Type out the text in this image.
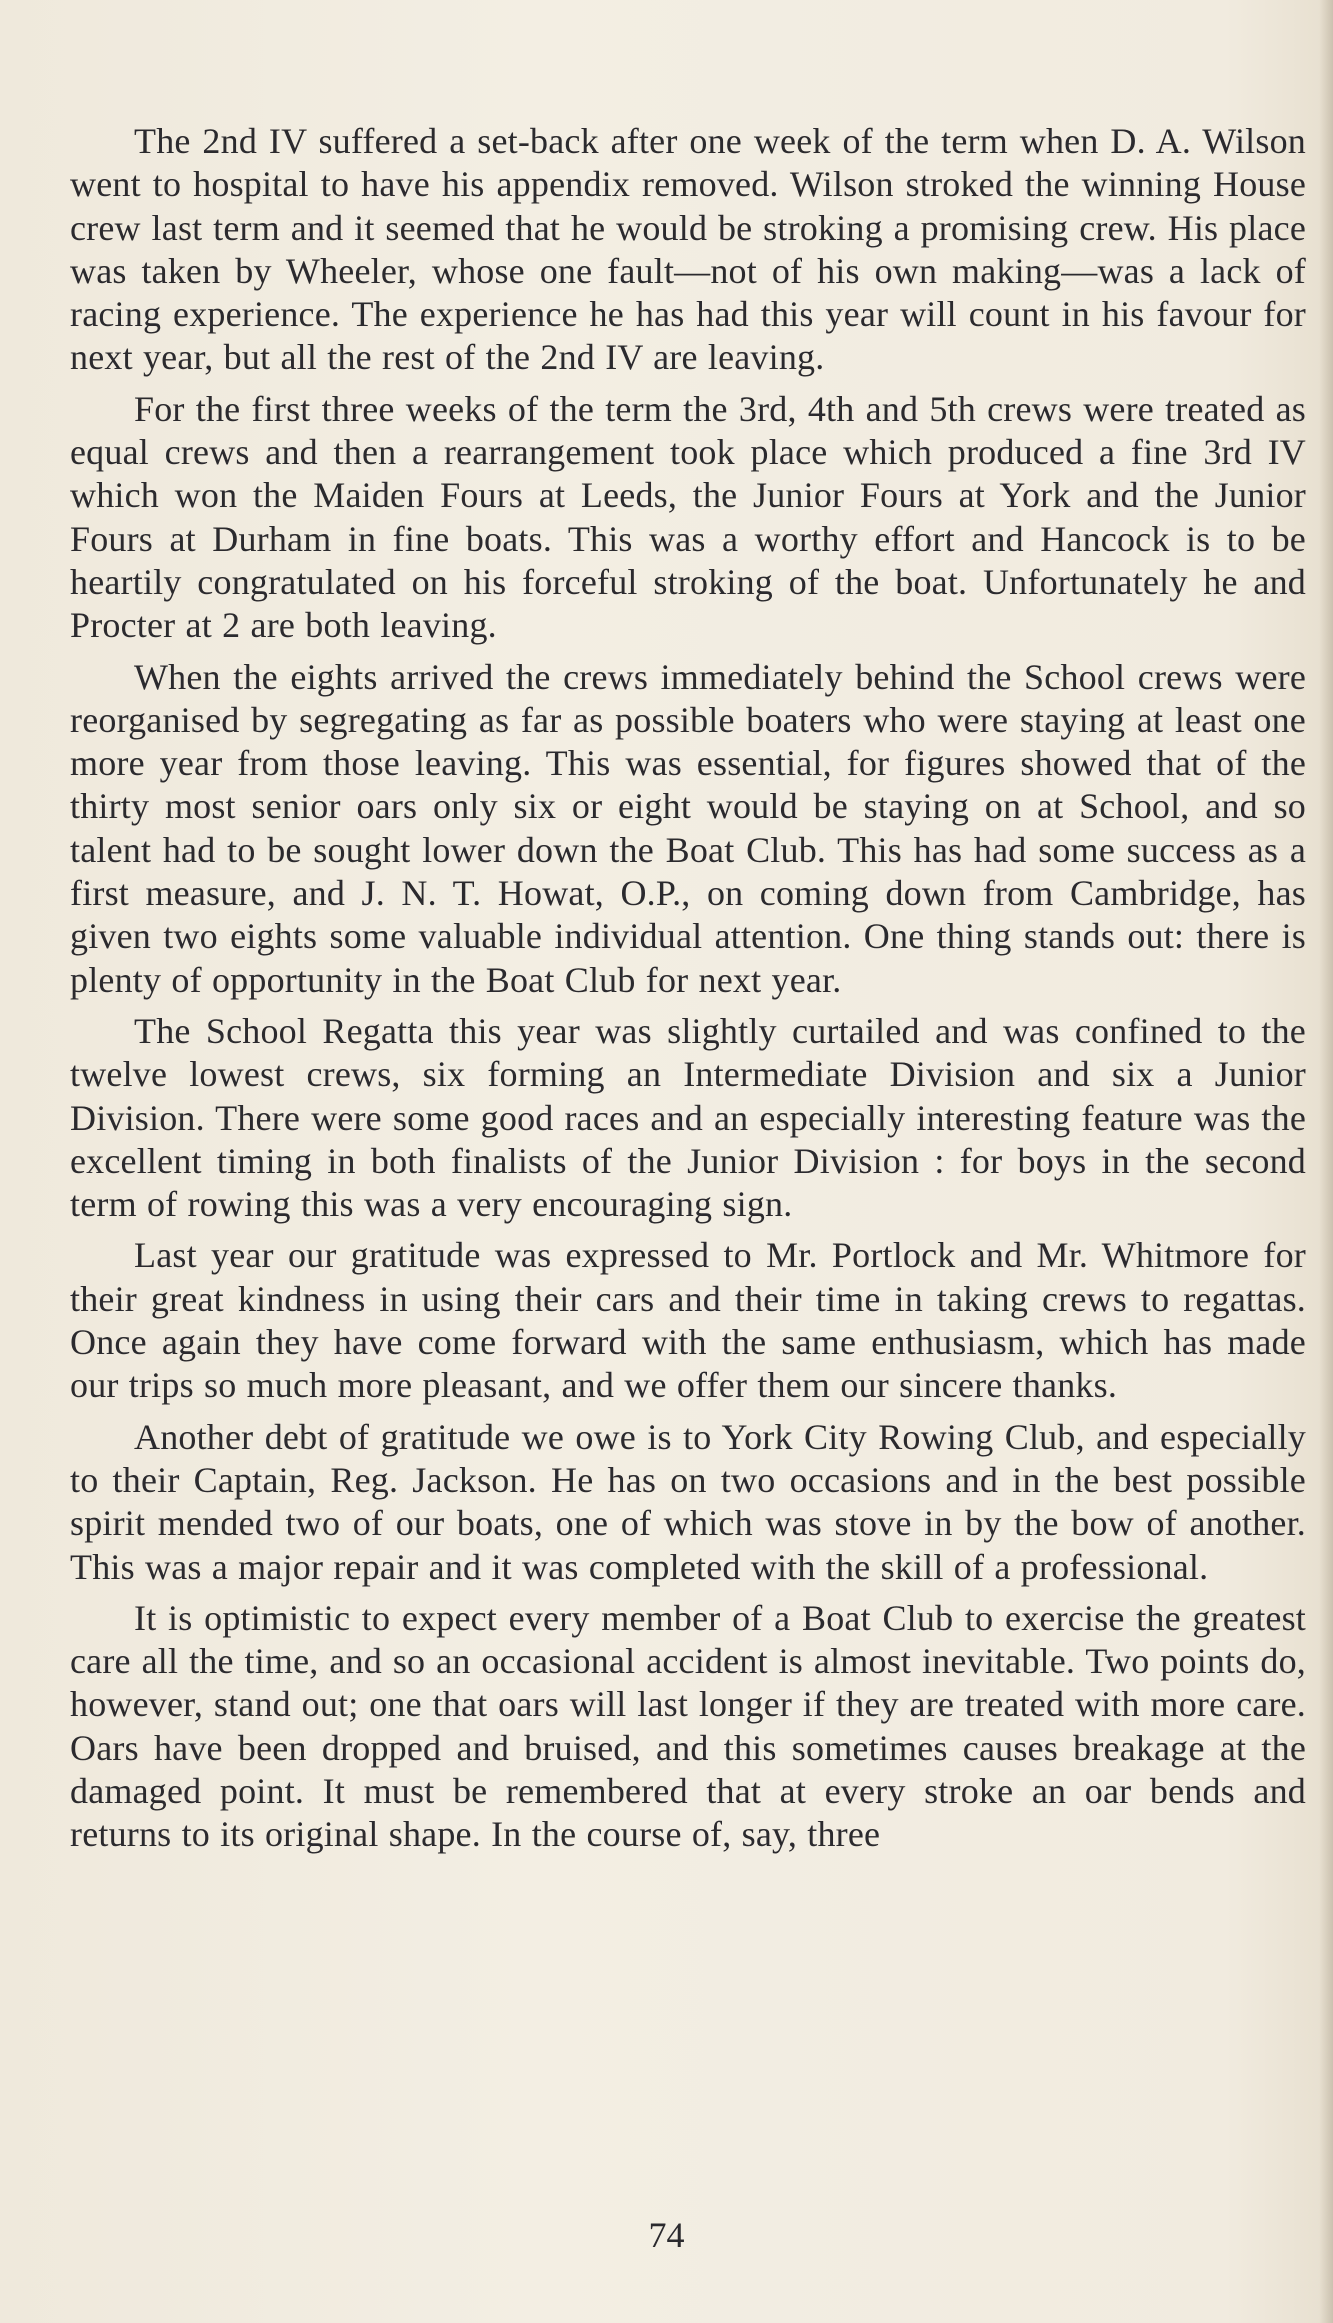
The 2nd IV suffered a set-back after one week of the term when D. A. Wilson went to hospital to have his appendix removed. Wilson stroked the winning House crew last term and it seemed that he would be stroking a promising crew. His place was taken by Wheeler, whose one fault—not of his own making—was a lack of racing experience. The experience he has had this year will count in his favour for next year, but all the rest of the 2nd IV are leaving.

For the first three weeks of the term the 3rd, 4th and 5th crews were treated as equal crews and then a rearrangement took place which produced a fine 3rd IV which won the Maiden Fours at Leeds, the Junior Fours at York and the Junior Fours at Durham in fine boats. This was a worthy effort and Hancock is to be heartily congratulated on his forceful stroking of the boat. Unfortunately he and Procter at 2 are both leaving.

When the eights arrived the crews immediately behind the School crews were reorganised by segregating as far as possible boaters who were staying at least one more year from those leaving. This was essential, for figures showed that of the thirty most senior oars only six or eight would be staying on at School, and so talent had to be sought lower down the Boat Club. This has had some success as a first measure, and J. N. T. Howat, O.P., on coming down from Cambridge, has given two eights some valuable individual attention. One thing stands out: there is plenty of opportunity in the Boat Club for next year.

The School Regatta this year was slightly curtailed and was confined to the twelve lowest crews, six forming an Intermediate Division and six a Junior Division. There were some good races and an especially interesting feature was the excellent timing in both finalists of the Junior Division : for boys in the second term of rowing this was a very encouraging sign.

Last year our gratitude was expressed to Mr. Portlock and Mr. Whitmore for their great kindness in using their cars and their time in taking crews to regattas. Once again they have come forward with the same enthusiasm, which has made our trips so much more pleasant, and we offer them our sincere thanks.

Another debt of gratitude we owe is to York City Rowing Club, and especially to their Captain, Reg. Jackson. He has on two occasions and in the best possible spirit mended two of our boats, one of which was stove in by the bow of another. This was a major repair and it was completed with the skill of a professional.

It is optimistic to expect every member of a Boat Club to exercise the greatest care all the time, and so an occasional accident is almost inevitable. Two points do, however, stand out; one that oars will last longer if they are treated with more care. Oars have been dropped and bruised, and this sometimes causes breakage at the damaged point. It must be remembered that at every stroke an oar bends and returns to its original shape. In the course of, say, three

74
